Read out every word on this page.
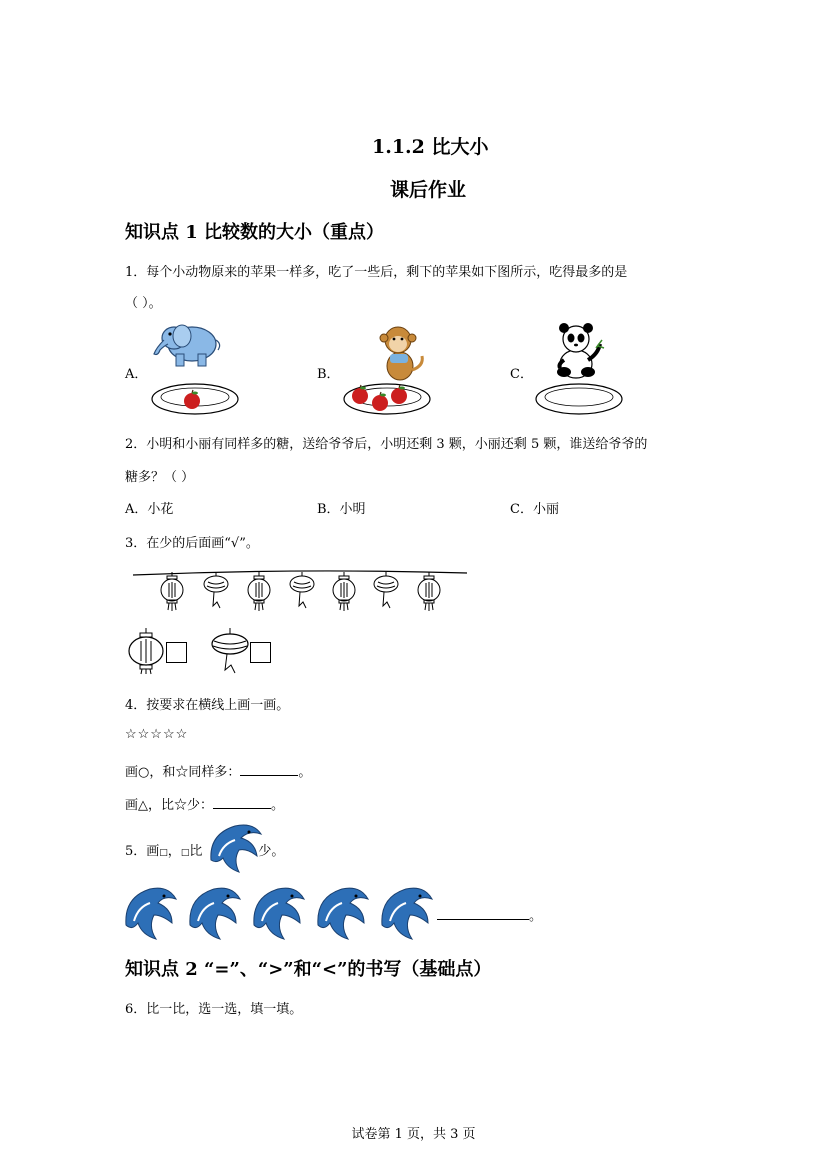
1.1.2 比大小
课后作业
知识点 1 比较数的大小（重点）
1．每个小动物原来的苹果一样多，吃了一些后，剩下的苹果如下图所示，吃得最多的是
（ ）。
A．	B．	C．
2．小明和小丽有同样多的糖，送给爷爷后，小明还剩 3 颗，小丽还剩 5 颗，谁送给爷爷的
糖多？（ ）
A．小花	B．小明	C．小丽
3．在少的后面画“√”。
4．按要求在横线上画一画。
☆☆☆☆☆
画○，和☆同样多：	。
画△，比☆少：	。
5．画□，□比	少。
。
知识点 2 “=”、“>”和“<”的书写（基础点）
6．比一比，选一选，填一填。
试卷第 1 页，共 3 页
